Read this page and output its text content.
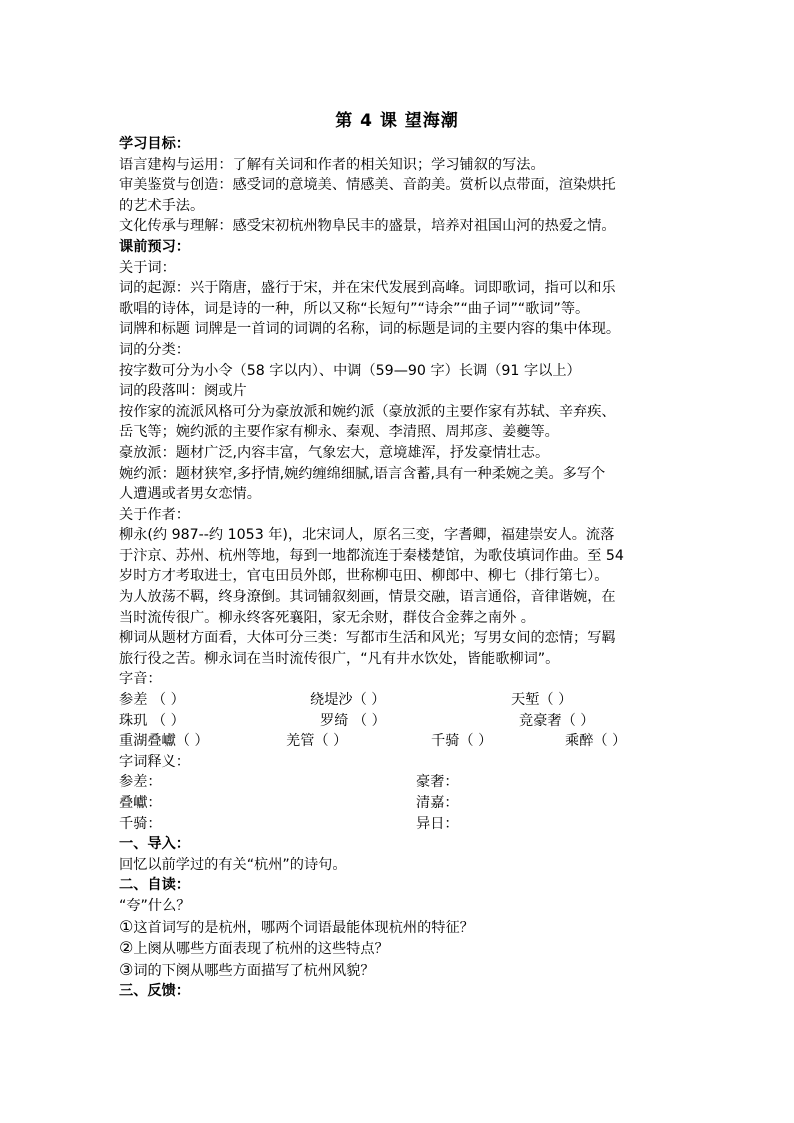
第 4 课 望海潮
学习目标：
语言建构与运用：了解有关词和作者的相关知识；学习铺叙的写法。
审美鉴赏与创造：感受词的意境美、情感美、音韵美。赏析以点带面，渲染烘托
的艺术手法。
文化传承与理解：感受宋初杭州物阜民丰的盛景，培养对祖国山河的热爱之情。
课前预习：
关于词：
词的起源：兴于隋唐，盛行于宋，并在宋代发展到高峰。词即歌词，指可以和乐
歌唱的诗体，词是诗的一种，所以又称“长短句”“诗余”“曲子词”“歌词”等。
词牌和标题 词牌是一首词的词调的名称，词的标题是词的主要内容的集中体现。
词的分类：
按字数可分为小令（58 字以内）、中调（59—90 字）长调（91 字以上）
词的段落叫：阕或片
按作家的流派风格可分为豪放派和婉约派（豪放派的主要作家有苏轼、辛弃疾、
岳飞等；婉约派的主要作家有柳永、秦观、李清照、周邦彦、姜夔等。
豪放派：题材广泛,内容丰富，气象宏大，意境雄浑，抒发豪情壮志。
婉约派：题材狭窄,多抒情,婉约缠绵细腻,语言含蓄,具有一种柔婉之美。多写个
人遭遇或者男女恋情。
关于作者：
柳永(约 987--约 1053 年)，北宋词人，原名三变，字耆卿，福建崇安人。流落
于汴京、苏州、杭州等地，每到一地都流连于秦楼楚馆，为歌伎填词作曲。至 54
岁时方才考取进士，官屯田员外郎，世称柳屯田、柳郎中、柳七（排行第七）。
为人放荡不羁，终身潦倒。其词铺叙刻画，情景交融，语言通俗，音律谐婉，在
当时流传很广。柳永终客死襄阳，家无余财，群伎合金葬之南外 。
柳词从题材方面看，大体可分三类：写都市生活和风光；写男女间的恋情；写羁
旅行役之苦。柳永词在当时流传很广，“凡有井水饮处，皆能歌柳词”。
字音：
参差 （ ）	绕堤沙（ ）	天堑（ ）
珠玑 （ ）	罗绮 （ ）	竞豪奢（ ）
重湖叠巘（ ）	羌管（ ）	千骑（ ）	乘醉（ ）
字词释义：
参差：	豪奢：
叠巘：	清嘉：
千骑：	异日：
一、导入：
回忆以前学过的有关“杭州”的诗句。
二、自读：
“夸”什么？
①这首词写的是杭州，哪两个词语最能体现杭州的特征？
②上阕从哪些方面表现了杭州的这些特点？
③词的下阕从哪些方面描写了杭州风貌？
三、反馈：
